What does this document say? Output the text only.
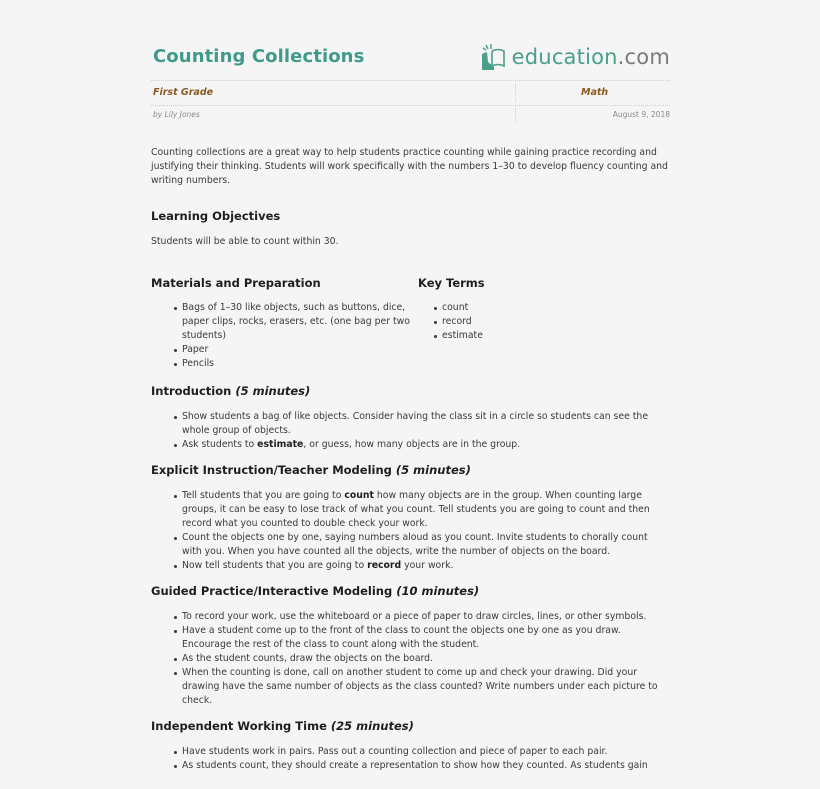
Counting Collections	education.com
First Grade	Math
by Lily Jones	August 9, 2018

Counting collections are a great way to help students practice counting while gaining practice recording and justifying their thinking. Students will work specifically with the numbers 1–30 to develop fluency counting and writing numbers.

Learning Objectives

Students will be able to count within 30.

Materials and Preparation
Bags of 1–30 like objects, such as buttons, dice, paper clips, rocks, erasers, etc. (one bag per two students)
Paper
Pencils
Key Terms
count
record
estimate
Introduction (5 minutes)
Show students a bag of like objects. Consider having the class sit in a circle so students can see the whole group of objects.
Ask students to estimate, or guess, how many objects are in the group.
Explicit Instruction/Teacher Modeling (5 minutes)
Tell students that you are going to count how many objects are in the group. When counting large groups, it can be easy to lose track of what you count. Tell students you are going to count and then record what you counted to double check your work.
Count the objects one by one, saying numbers aloud as you count. Invite students to chorally count with you. When you have counted all the objects, write the number of objects on the board.
Now tell students that you are going to record your work.
Guided Practice/Interactive Modeling (10 minutes)
To record your work, use the whiteboard or a piece of paper to draw circles, lines, or other symbols.
Have a student come up to the front of the class to count the objects one by one as you draw. Encourage the rest of the class to count along with the student.
As the student counts, draw the objects on the board.
When the counting is done, call on another student to come up and check your drawing. Did your drawing have the same number of objects as the class counted? Write numbers under each picture to check.
Independent Working Time (25 minutes)
Have students work in pairs. Pass out a counting collection and piece of paper to each pair.
As students count, they should create a representation to show how they counted. As students gain
